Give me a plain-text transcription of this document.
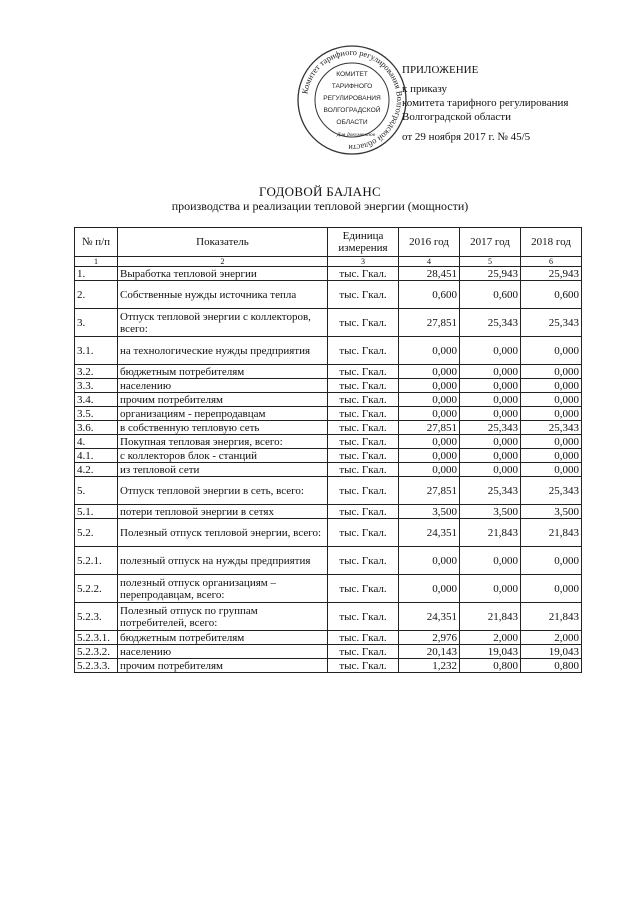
Комитет тарифного регулирования Волгоградской области
КОМИТЕТ
ТАРИФНОГО
РЕГУЛИРОВАНИЯ
ВОЛГОГРАДСКОЙ
ОБЛАСТИ
Для документов
ПРИЛОЖЕНИЕ
к приказу
комитета тарифного регулирования
Волгоградской области
от 29 ноября 2017 г. № 45/5
ГОДОВОЙ БАЛАНС
производства и реализации тепловой энергии (мощности)
№ п/п	Показатель	Единица измерения	2016 год	2017 год	2018 год
1	2	3	4	5	6
1.	Выработка тепловой энергии	тыс. Гкал.	28,451	25,943	25,943
2.	Собственные нужды источника тепла	тыс. Гкал.	0,600	0,600	0,600
3.	Отпуск тепловой энергии с коллекторов, всего:	тыс. Гкал.	27,851	25,343	25,343
3.1.	на технологические нужды предприятия	тыс. Гкал.	0,000	0,000	0,000
3.2.	бюджетным потребителям	тыс. Гкал.	0,000	0,000	0,000
3.3.	населению	тыс. Гкал.	0,000	0,000	0,000
3.4.	прочим потребителям	тыс. Гкал.	0,000	0,000	0,000
3.5.	организациям - перепродавцам	тыс. Гкал.	0,000	0,000	0,000
3.6.	в собственную тепловую сеть	тыс. Гкал.	27,851	25,343	25,343
4.	Покупная тепловая энергия, всего:	тыс. Гкал.	0,000	0,000	0,000
4.1.	с коллекторов блок - станций	тыс. Гкал.	0,000	0,000	0,000
4.2.	из тепловой сети	тыс. Гкал.	0,000	0,000	0,000
5.	Отпуск тепловой энергии в сеть, всего:	тыс. Гкал.	27,851	25,343	25,343
5.1.	потери тепловой энергии в сетях	тыс. Гкал.	3,500	3,500	3,500
5.2.	Полезный отпуск тепловой энергии, всего:	тыс. Гкал.	24,351	21,843	21,843
5.2.1.	полезный отпуск на нужды предприятия	тыс. Гкал.	0,000	0,000	0,000
5.2.2.	полезный отпуск организациям – перепродавцам, всего:	тыс. Гкал.	0,000	0,000	0,000
5.2.3.	Полезный отпуск по группам потребителей, всего:	тыс. Гкал.	24,351	21,843	21,843
5.2.3.1.	бюджетным потребителям	тыс. Гкал.	2,976	2,000	2,000
5.2.3.2.	населению	тыс. Гкал.	20,143	19,043	19,043
5.2.3.3.	прочим потребителям	тыс. Гкал.	1,232	0,800	0,800
